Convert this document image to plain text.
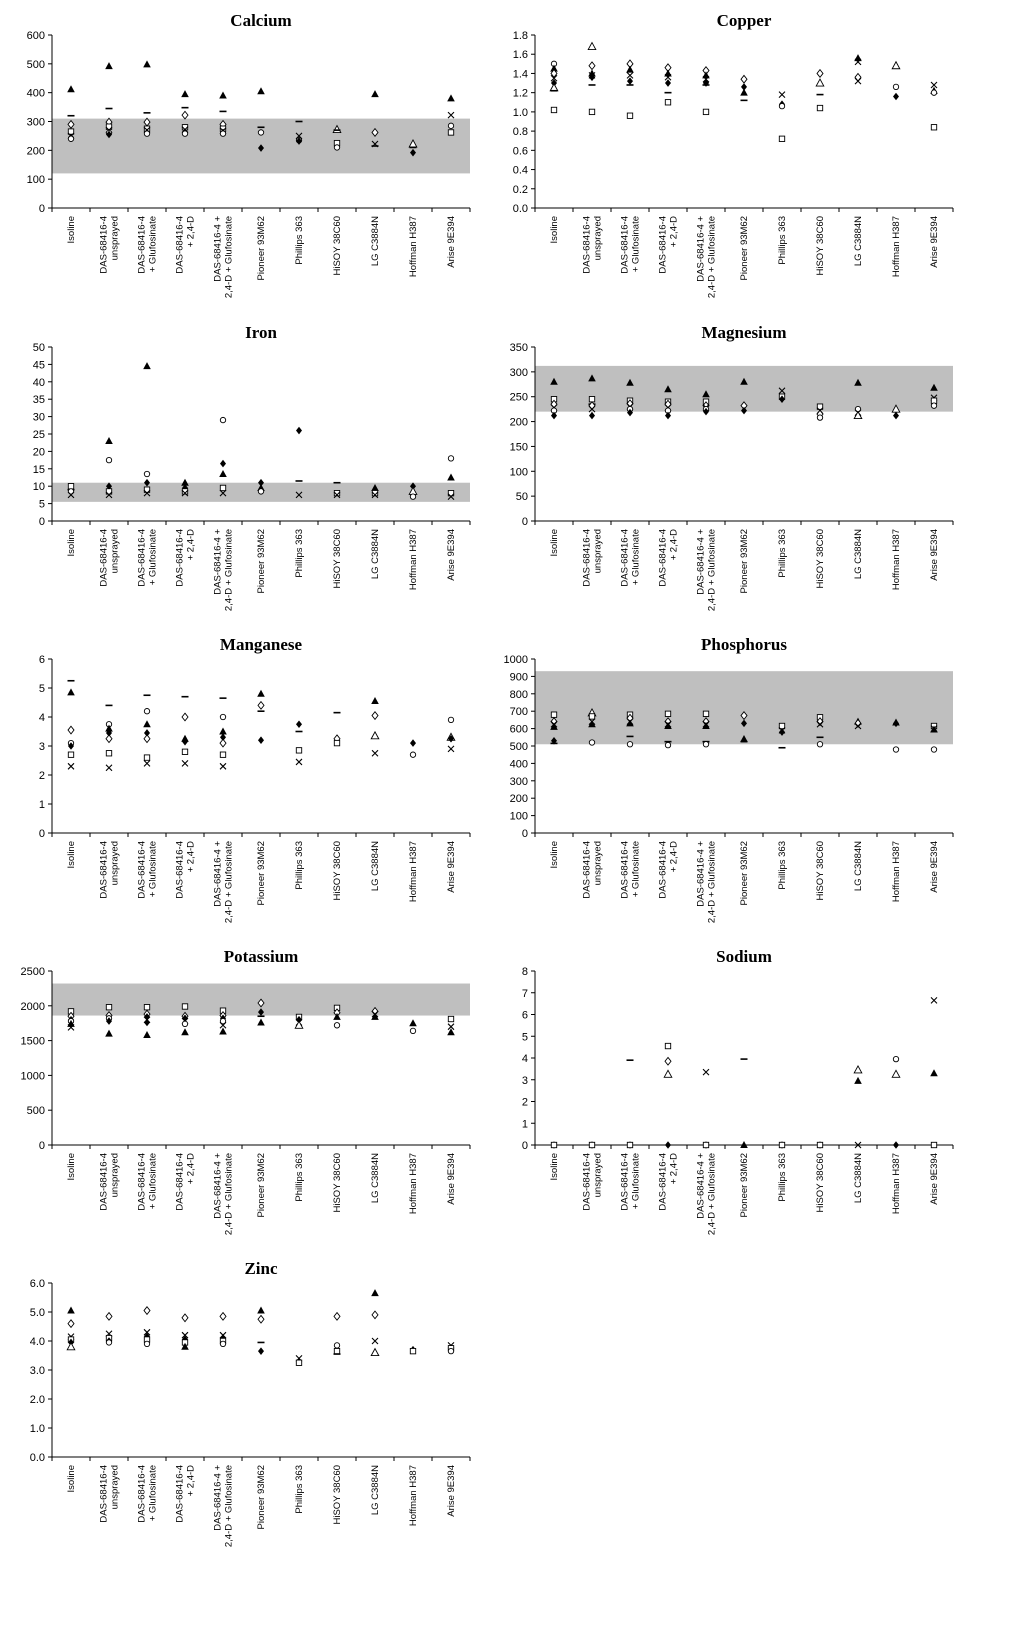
0
100
200
300
400
500
600
Isoline DAS-68416-4 unsprayed DAS-68416-4 + Glufosinate DAS-68416-4 + 2,4-D DAS-68416-4 + 2,4-D + Glufosinate Pioneer 93M62	Phillips 363	HiSOY 38C60	LG C3884N	Hoffman H387	Arise 9E394
Calcium
0.0
0.2
0.4
0.6
0.8
1.0
1.2
1.4
1.6
1.8
Isoline DAS-68416-4 unsprayed DAS-68416-4 + Glufosinate DAS-68416-4 + 2,4-D DAS-68416-4 + 2,4-D + Glufosinate Pioneer 93M62	Phillips 363	HiSOY 38C60	LG C3884N	Hoffman H387	Arise 9E394
Copper
0
5
10
15
20
25
30
35
40
45
50
Isoline DAS-68416-4 unsprayed DAS-68416-4 + Glufosinate DAS-68416-4 + 2,4-D DAS-68416-4 + 2,4-D + Glufosinate Pioneer 93M62	Phillips 363	HiSOY 38C60	LG C3884N	Hoffman H387	Arise 9E394
Iron
0
50
100
150
200
250
300
350
Isoline DAS-68416-4 unsprayed DAS-68416-4 + Glufosinate DAS-68416-4 + 2,4-D DAS-68416-4 + 2,4-D + Glufosinate Pioneer 93M62	Phillips 363	HiSOY 38C60	LG C3884N	Hoffman H387	Arise 9E394
Magnesium
0
1
2
3
4
5
6
Isoline DAS-68416-4 unsprayed DAS-68416-4 + Glufosinate DAS-68416-4 + 2,4-D DAS-68416-4 + 2,4-D + Glufosinate Pioneer 93M62	Phillips 363	HiSOY 38C60	LG C3884N	Hoffman H387	Arise 9E394
Manganese
0
100
200
300
400
500
600
700
800
900
1000
Isoline DAS-68416-4 unsprayed DAS-68416-4 + Glufosinate DAS-68416-4 + 2,4-D DAS-68416-4 + 2,4-D + Glufosinate Pioneer 93M62	Phillips 363	HiSOY 38C60	LG C3884N	Hoffman H387	Arise 9E394
Phosphorus
0
500
1000
1500
2000
2500
Isoline DAS-68416-4 unsprayed DAS-68416-4 + Glufosinate DAS-68416-4 + 2,4-D DAS-68416-4 + 2,4-D + Glufosinate Pioneer 93M62	Phillips 363	HiSOY 38C60	LG C3884N	Hoffman H387	Arise 9E394
Potassium
0
1
2
3
4
5
6
7
8
Isoline DAS-68416-4 unsprayed DAS-68416-4 + Glufosinate DAS-68416-4 + 2,4-D DAS-68416-4 + 2,4-D + Glufosinate Pioneer 93M62	Phillips 363	HiSOY 38C60	LG C3884N	Hoffman H387	Arise 9E394
Sodium
0.0
1.0
2.0
3.0
4.0
5.0
6.0
Isoline DAS-68416-4 unsprayed DAS-68416-4 + Glufosinate DAS-68416-4 + 2,4-D DAS-68416-4 + 2,4-D + Glufosinate Pioneer 93M62	Phillips 363	HiSOY 38C60	LG C3884N	Hoffman H387	Arise 9E394
Zinc
